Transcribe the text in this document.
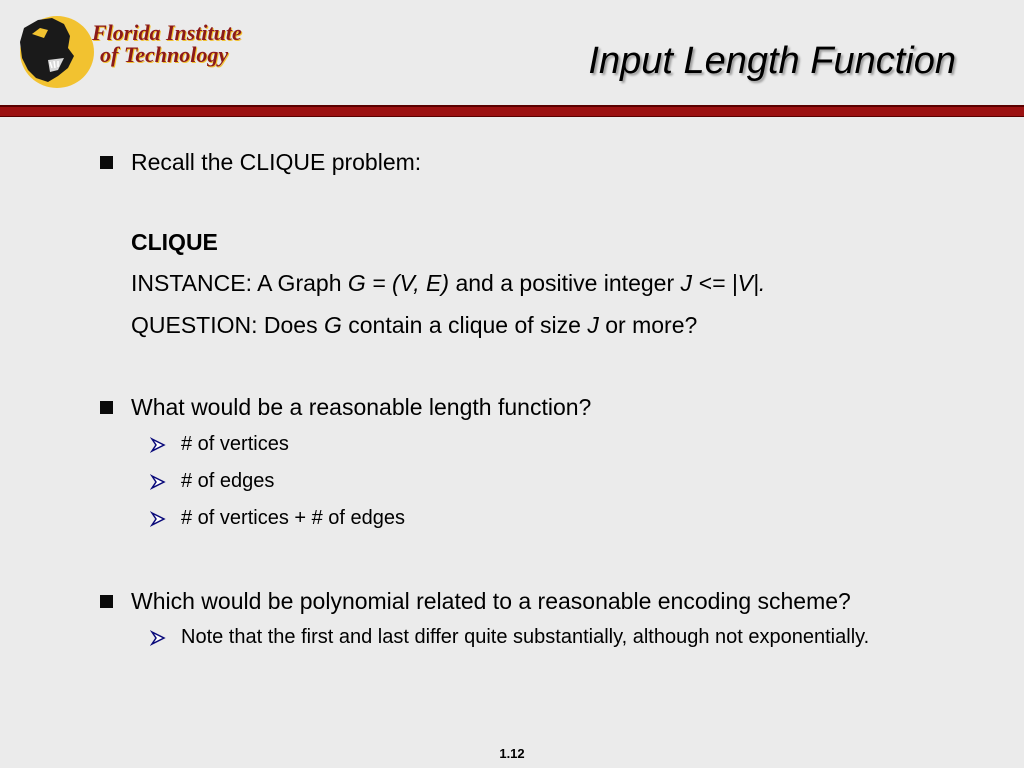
Florida Institute
of Technology	Input Length Function
Recall the CLIQUE problem:
CLIQUE
INSTANCE: A Graph G = (V, E) and a positive integer J <= |V|.
QUESTION: Does G contain a clique of size J or more?
What would be a reasonable length function?
# of vertices
# of edges
# of vertices + # of edges
Which would be polynomial related to a reasonable encoding scheme?
Note that the first and last differ quite substantially, although not exponentially.
1.12
